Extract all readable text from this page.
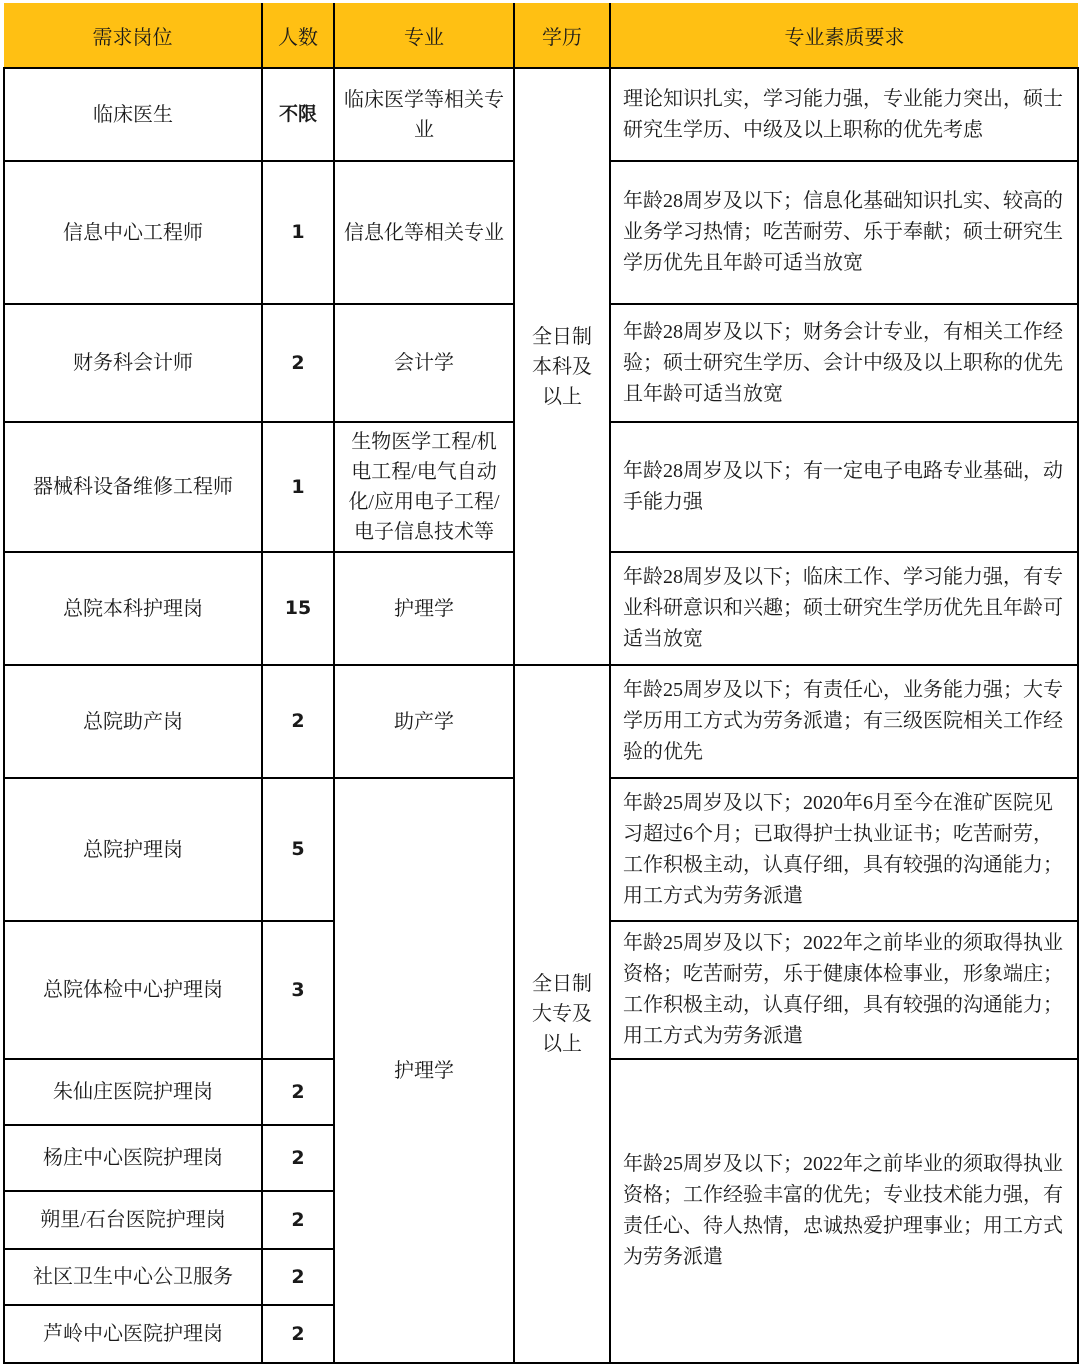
需求岗位	人数	专业	学历	专业素质要求
临床医生	不限	临床医学等相关专业	全日制本科及以上	理论知识扎实，学习能力强，专业能力突出，硕士研究生学历、中级及以上职称的优先考虑
信息中心工程师	1	信息化等相关专业		年龄28周岁及以下；信息化基础知识扎实、较高的业务学习热情；吃苦耐劳、乐于奉献；硕士研究生学历优先且年龄可适当放宽
财务科会计师	2	会计学		年龄28周岁及以下；财务会计专业，有相关工作经验；硕士研究生学历、会计中级及以上职称的优先且年龄可适当放宽
器械科设备维修工程师	1	生物医学工程/机电工程/电气自动化/应用电子工程/电子信息技术等		年龄28周岁及以下；有一定电子电路专业基础，动手能力强
总院本科护理岗	15	护理学		年龄28周岁及以下；临床工作、学习能力强，有专业科研意识和兴趣；硕士研究生学历优先且年龄可适当放宽
总院助产岗	2	助产学	全日制大专及以上	年龄25周岁及以下；有责任心，业务能力强；大专学历用工方式为劳务派遣；有三级医院相关工作经验的优先
总院护理岗	5	护理学		年龄25周岁及以下；2020年6月至今在淮矿医院见习超过6个月；已取得护士执业证书；吃苦耐劳，工作积极主动，认真仔细，具有较强的沟通能力；用工方式为劳务派遣
总院体检中心护理岗	3			年龄25周岁及以下；2022年之前毕业的须取得执业资格；吃苦耐劳，乐于健康体检事业，形象端庄；工作积极主动，认真仔细，具有较强的沟通能力；用工方式为劳务派遣
朱仙庄医院护理岗	2			年龄25周岁及以下；2022年之前毕业的须取得执业资格；工作经验丰富的优先；专业技术能力强，有责任心、待人热情，忠诚热爱护理事业；用工方式为劳务派遣
杨庄中心医院护理岗	2			
朔里/石台医院护理岗	2			
社区卫生中心公卫服务	2			
芦岭中心医院护理岗	2			
